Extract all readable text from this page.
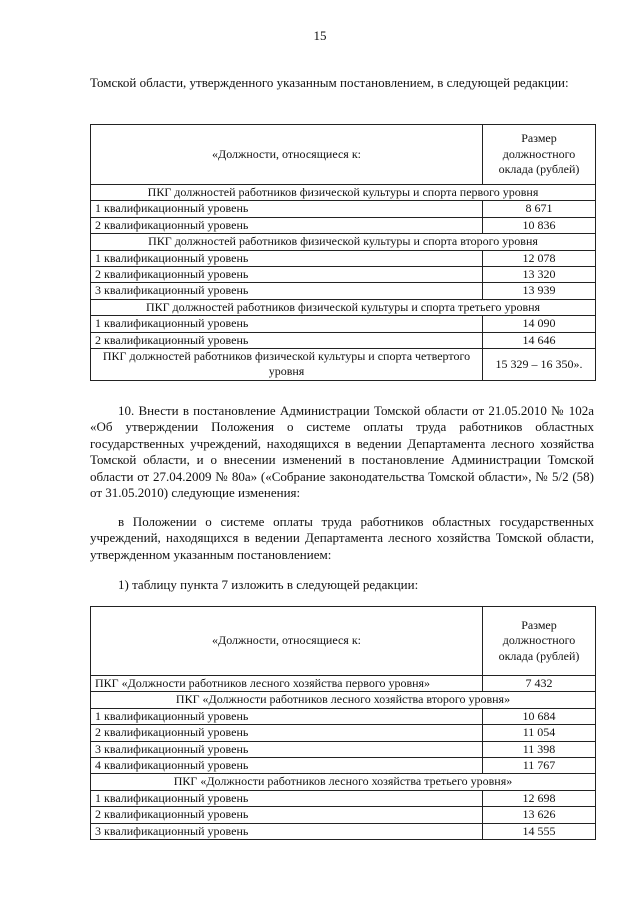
15
Томской области, утвержденного указанным постановлением, в следующей редакции:
«Должности, относящиеся к:	Размер должностного оклада (рублей)
ПКГ должностей работников физической культуры и спорта первого уровня	
1 квалификационный уровень	8 671
2 квалификационный уровень	10 836
ПКГ должностей работников физической культуры и спорта второго уровня	
1 квалификационный уровень	12 078
2 квалификационный уровень	13 320
3 квалификационный уровень	13 939
ПКГ должностей работников физической культуры и спорта третьего уровня	
1 квалификационный уровень	14 090
2 квалификационный уровень	14 646
ПКГ должностей работников физической культуры и спорта четвертого уровня	15 329 – 16 350».
10. Внести в постановление Администрации Томской области от 21.05.2010 № 102а «Об утверждении Положения о системе оплаты труда работников областных государственных учреждений, находящихся в ведении Департамента лесного хозяйства Томской области, и о внесении изменений в постановление Администрации Томской области от 27.04.2009 № 80а» («Собрание законодательства Томской области», № 5/2 (58) от 31.05.2010) следующие изменения:
в Положении о системе оплаты труда работников областных государственных учреждений, находящихся в ведении Департамента лесного хозяйства Томской области, утвержденном указанным постановлением:
1) таблицу пункта 7 изложить в следующей редакции:
«Должности, относящиеся к:	Размер должностного оклада (рублей)
ПКГ «Должности работников лесного хозяйства первого уровня»	7 432
ПКГ «Должности работников лесного хозяйства второго уровня»	
1 квалификационный уровень	10 684
2 квалификационный уровень	11 054
3 квалификационный уровень	11 398
4 квалификационный уровень	11 767
ПКГ «Должности работников лесного хозяйства третьего уровня»	
1 квалификационный уровень	12 698
2 квалификационный уровень	13 626
3 квалификационный уровень	14 555
